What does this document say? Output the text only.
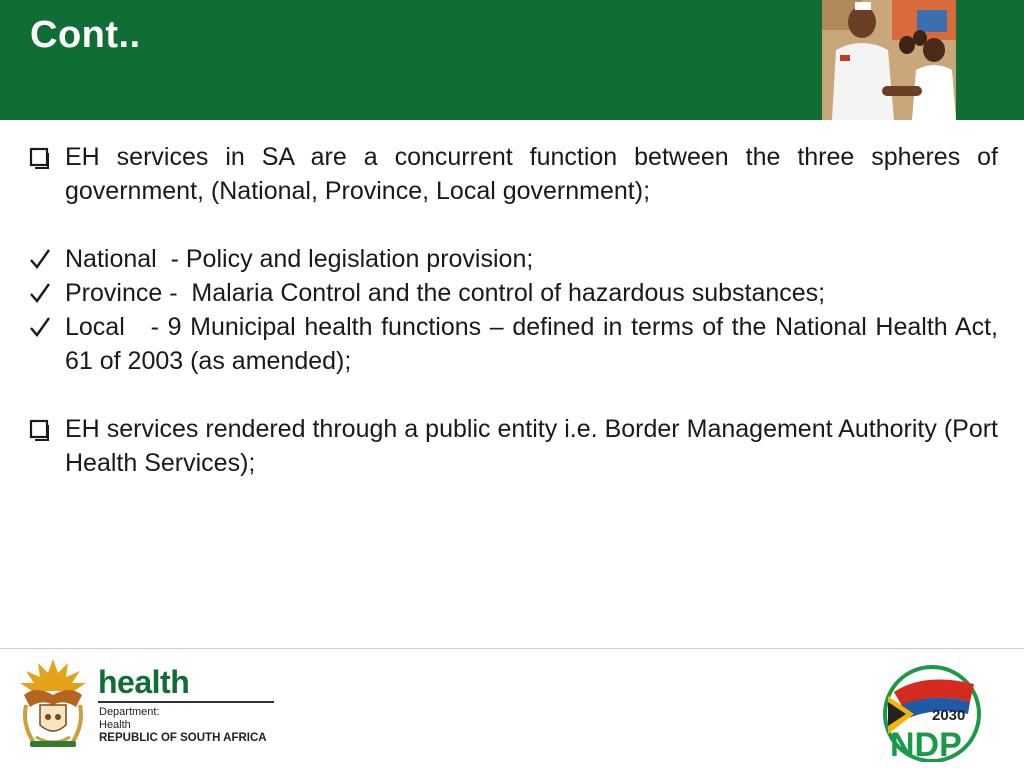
Cont..
EH services in SA are a concurrent function between the three spheres of government, (National, Province, Local government);
National  - Policy and legislation provision;
Province -  Malaria Control and the control of hazardous substances;
Local   - 9 Municipal health functions – defined in terms of the National Health Act, 61 of 2003 (as amended);
EH services rendered through a public entity i.e. Border Management Authority (Port Health Services);
health
Department:
Health
REPUBLIC OF SOUTH AFRICA
2030
NDP
